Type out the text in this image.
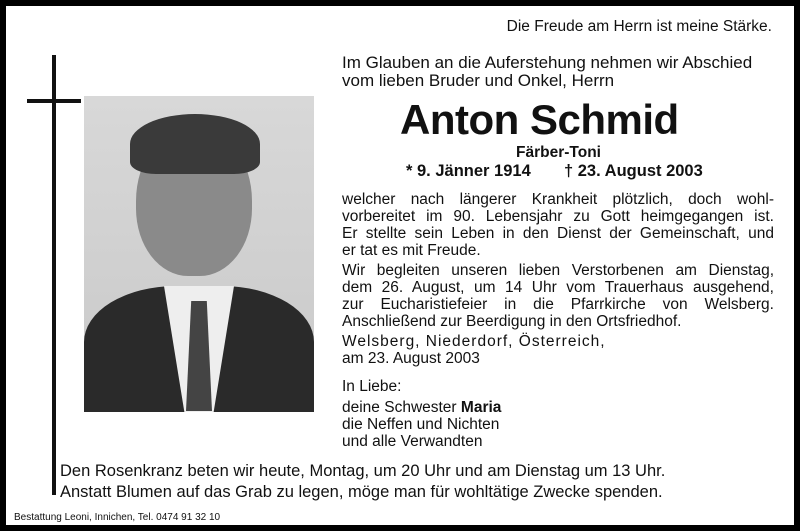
Die Freude am Herrn ist meine Stärke.
Im Glauben an die Auferstehung nehmen wir Abschied
vom lieben Bruder und Onkel, Herrn
Anton Schmid
Färber-Toni
* 9. Jänner 1914 † 23. August 2003
welcher nach längerer Krankheit plötzlich, doch wohl-
vorbereitet im 90. Lebensjahr zu Gott heimgegangen ist.
Er stellte sein Leben in den Dienst der Gemeinschaft, und
er tat es mit Freude.
Wir begleiten unseren lieben Verstorbenen am Dienstag,
dem 26. August, um 14 Uhr vom Trauerhaus ausgehend,
zur Eucharistiefeier in die Pfarrkirche von Welsberg.
Anschließend zur Beerdigung in den Ortsfriedhof.
Welsberg, Niederdorf, Österreich,
am 23. August 2003
In Liebe:
deine Schwester Maria
die Neffen und Nichten
und alle Verwandten
Den Rosenkranz beten wir heute, Montag, um 20 Uhr und am Dienstag um 13 Uhr.
Anstatt Blumen auf das Grab zu legen, möge man für wohltätige Zwecke spenden.
Bestattung Leoni, Innichen, Tel. 0474 91 32 10
